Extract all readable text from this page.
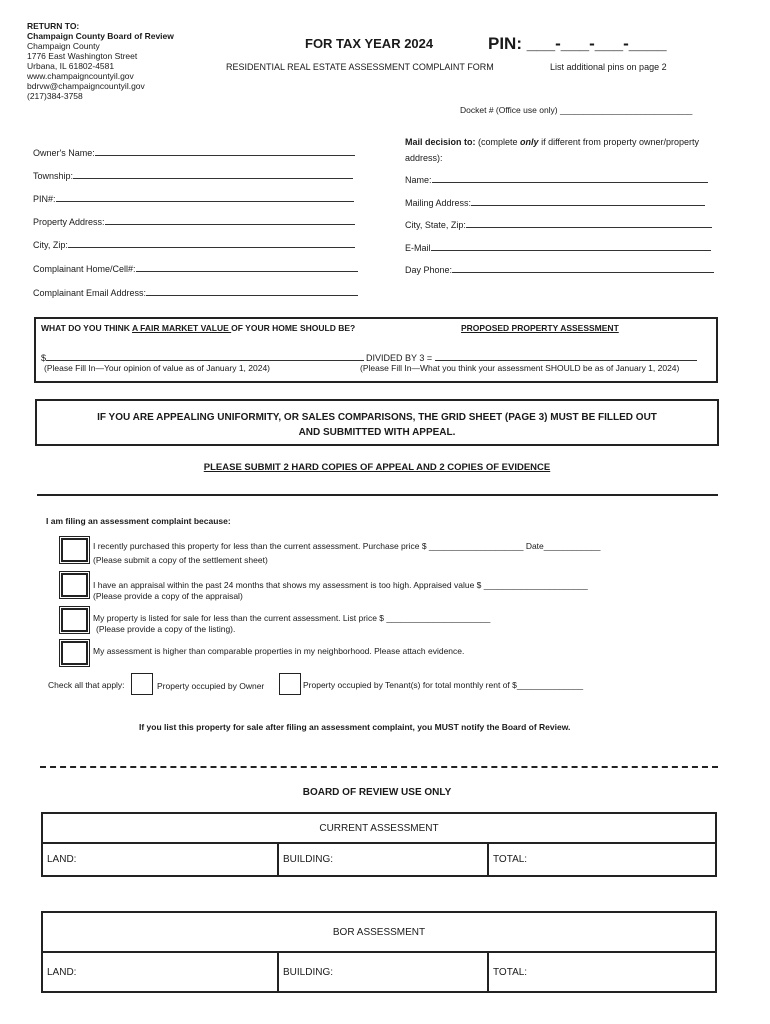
RETURN TO:
Champaign County Board of Review
Champaign County
1776 East Washington Street
Urbana, IL 61802-4581
www.champaigncountyil.gov
bdrvw@champaigncountyil.gov
(217)384-3758
FOR TAX YEAR 2024	PIN: ___-___-___-____
RESIDENTIAL REAL ESTATE ASSESSMENT COMPLAINT FORM	List additional pins on page 2
Docket # (Office use only) ____________________________
Owner's Name:
Township:
PIN#:
Property Address:
City, Zip:
Complainant Home/Cell#:
Complainant Email Address:
Mail decision to: (complete only if different from property owner/property
address):
Name:
Mailing Address:
City, State, Zip:
E-Mail
Day Phone:
WHAT DO YOU THINK A FAIR MARKET VALUE OF YOUR HOME SHOULD BE?	PROPOSED PROPERTY ASSESSMENT
$	DIVIDED BY 3 =
(Please Fill In—Your opinion of value as of January 1, 2024)	(Please Fill In—What you think your assessment SHOULD be as of January 1, 2024)
IF YOU ARE APPEALING UNIFORMITY, OR SALES COMPARISONS, THE GRID SHEET (PAGE 3) MUST BE FILLED OUT
AND SUBMITTED WITH APPEAL.
PLEASE SUBMIT 2 HARD COPIES OF APPEAL AND 2 COPIES OF EVIDENCE
I am filing an assessment complaint because:
I recently purchased this property for less than the current assessment. Purchase price $ ____________________ Date____________
(Please submit a copy of the settlement sheet)
I have an appraisal within the past 24 months that shows my assessment is too high. Appraised value $ ______________________
(Please provide a copy of the appraisal)
My property is listed for sale for less than the current assessment. List price $ ______________________
(Please provide a copy of the listing).
My assessment is higher than comparable properties in my neighborhood. Please attach evidence.
Check all that apply:	Property occupied by Owner	Property occupied by Tenant(s) for total monthly rent of $______________
If you list this property for sale after filing an assessment complaint, you MUST notify the Board of Review.
BOARD OF REVIEW USE ONLY
CURRENT ASSESSMENT
LAND:	BUILDING:	TOTAL:
BOR ASSESSMENT
LAND:	BUILDING:	TOTAL:
